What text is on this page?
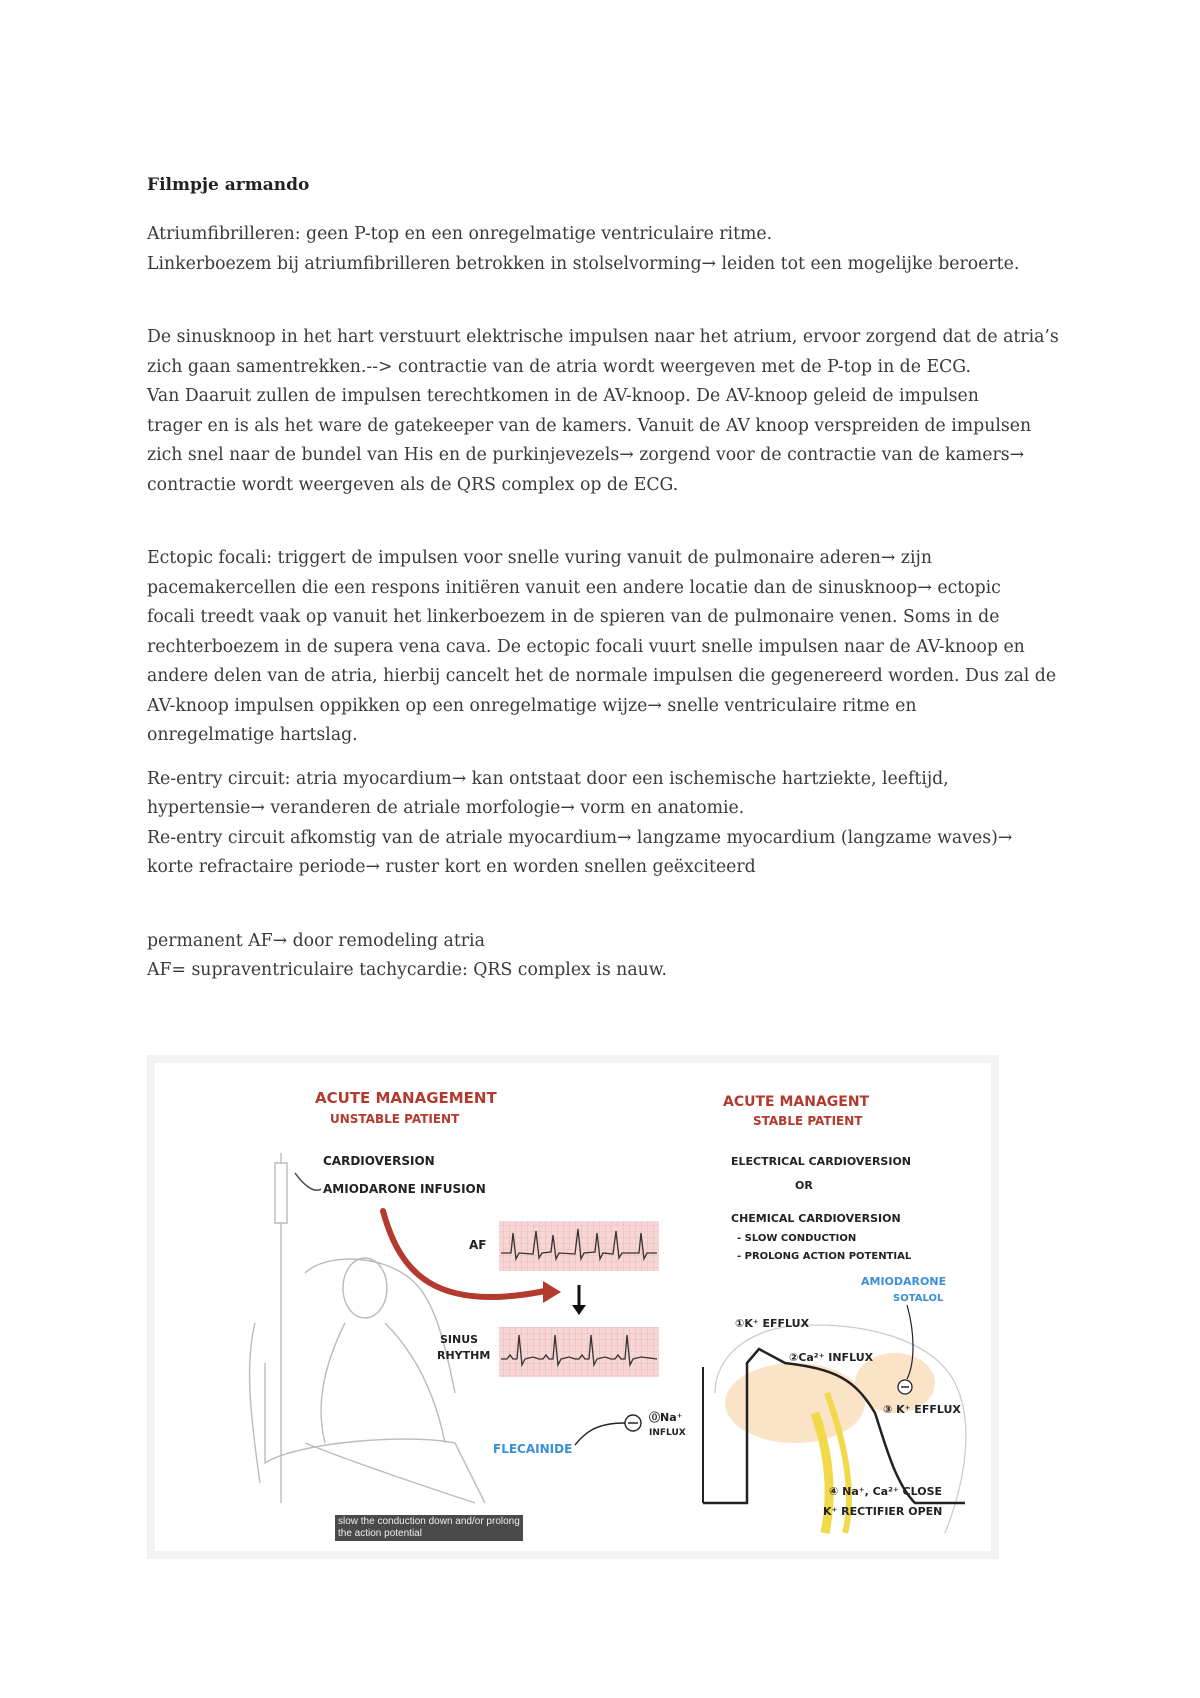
Filmpje armando

Atriumfibrilleren: geen P-top en een onregelmatige ventriculaire ritme.

Linkerboezem bij atriumfibrilleren betrokken in stolselvorming→ leiden tot een mogelijke beroerte.

De sinusknoop in het hart verstuurt elektrische impulsen naar het atrium, ervoor zorgend dat de atria’s

zich gaan samentrekken.--> contractie van de atria wordt weergeven met de P-top in de ECG.

Van Daaruit zullen de impulsen terechtkomen in de AV-knoop. De AV-knoop geleid de impulsen

trager en is als het ware de gatekeeper van de kamers. Vanuit de AV knoop verspreiden de impulsen

zich snel naar de bundel van His en de purkinjevezels→ zorgend voor de contractie van de kamers→

contractie wordt weergeven als de QRS complex op de ECG.

Ectopic focali: triggert de impulsen voor snelle vuring vanuit de pulmonaire aderen→ zijn

pacemakercellen die een respons initiëren vanuit een andere locatie dan de sinusknoop→ ectopic

focali treedt vaak op vanuit het linkerboezem in de spieren van de pulmonaire venen. Soms in de

rechterboezem in de supera vena cava. De ectopic focali vuurt snelle impulsen naar de AV-knoop en

andere delen van de atria, hierbij cancelt het de normale impulsen die gegenereerd worden. Dus zal de

AV-knoop impulsen oppikken op een onregelmatige wijze→ snelle ventriculaire ritme en

onregelmatige hartslag.

Re-entry circuit: atria myocardium→ kan ontstaat door een ischemische hartziekte, leeftijd,

hypertensie→ veranderen de atriale morfologie→ vorm en anatomie.

Re-entry circuit afkomstig van de atriale myocardium→ langzame myocardium (langzame waves)→

korte refractaire periode→ ruster kort en worden snellen geëxciteerd

permanent AF→ door remodeling atria

AF= supraventriculaire tachycardie: QRS complex is nauw.

ACUTE MANAGEMENT
UNSTABLE PATIENT
ACUTE MANAGENT
STABLE PATIENT
CARDIOVERSION
AMIODARONE INFUSION
AF
SINUS
RHYTHM
FLECAINIDE
⓪Na⁺
INFLUX
ELECTRICAL CARDIOVERSION
OR
CHEMICAL CARDIOVERSION
- SLOW CONDUCTION
- PROLONG ACTION POTENTIAL
AMIODARONE
SOTALOL
①K⁺ EFFLUX
②Ca²⁺ INFLUX
③ K⁺ EFFLUX
④ Na⁺, Ca²⁺ CLOSE
K⁺ RECTIFIER OPEN
slow the conduction down and/or prolong
the action potential
